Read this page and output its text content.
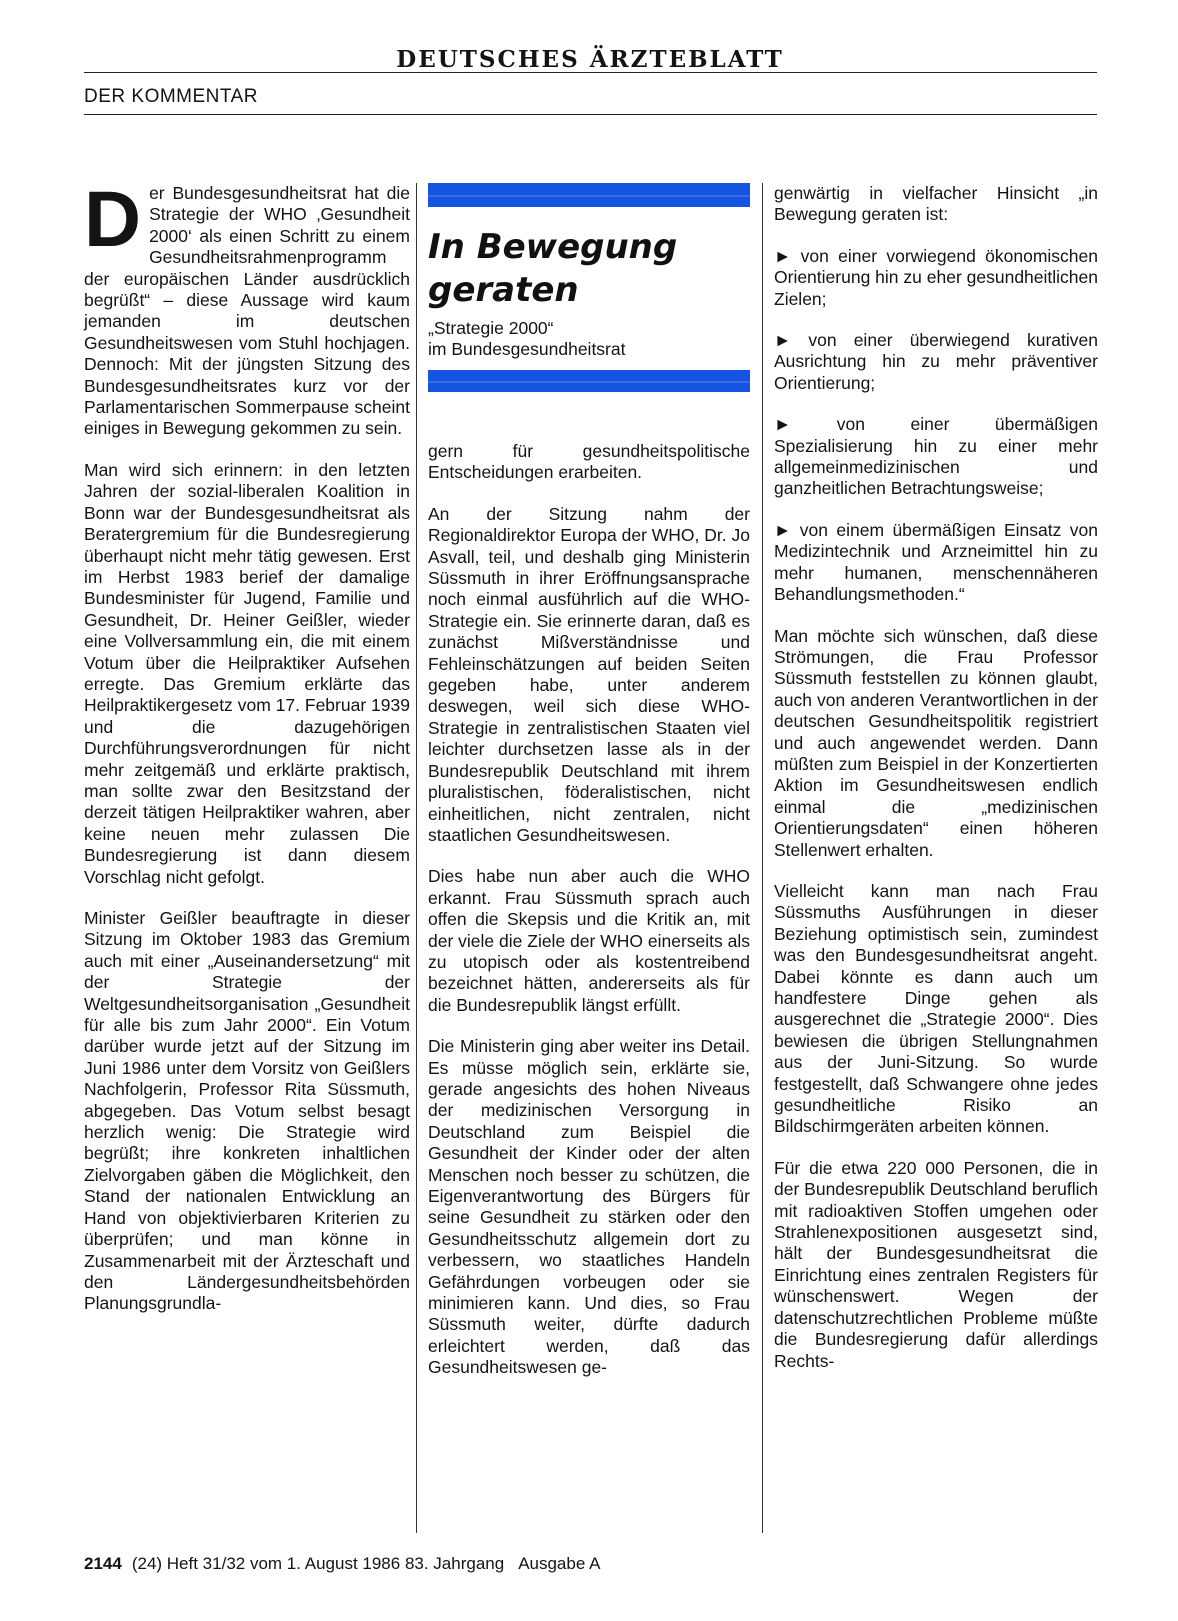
DEUTSCHES ÄRZTEBLATT
DER KOMMENTAR

Der Bundesgesundheitsrat hat die Strategie der WHO ‚Gesundheit 2000‘ als einen Schritt zu einem Gesundheitsrahmenprogramm der europäischen Länder ausdrücklich begrüßt“ – diese Aussage wird kaum jemanden im deutschen Gesundheitswesen vom Stuhl hochjagen. Dennoch: Mit der jüngsten Sitzung des Bundesgesundheitsrates kurz vor der Parlamentarischen Sommerpause scheint einiges in Bewegung gekommen zu sein.

Man wird sich erinnern: in den letzten Jahren der sozial-liberalen Koalition in Bonn war der Bundesgesundheitsrat als Beratergremium für die Bundesregierung überhaupt nicht mehr tätig gewesen. Erst im Herbst 1983 berief der damalige Bundesminister für Jugend, Familie und Gesundheit, Dr. Heiner Geißler, wieder eine Vollversammlung ein, die mit einem Votum über die Heilpraktiker Aufsehen erregte. Das Gremium erklärte das Heilpraktikergesetz vom 17. Februar 1939 und die dazugehörigen Durchführungsverordnungen für nicht mehr zeitgemäß und erklärte praktisch, man sollte zwar den Besitzstand der derzeit tätigen Heilpraktiker wahren, aber keine neuen mehr zulassen Die Bundesregierung ist dann diesem Vorschlag nicht gefolgt.

Minister Geißler beauftragte in dieser Sitzung im Oktober 1983 das Gremium auch mit einer „Auseinandersetzung“ mit der Strategie der Weltgesundheitsorganisation „Gesundheit für alle bis zum Jahr 2000“. Ein Votum darüber wurde jetzt auf der Sitzung im Juni 1986 unter dem Vorsitz von Geißlers Nachfolgerin, Professor Rita Süssmuth, abgegeben. Das Votum selbst besagt herzlich wenig: Die Strategie wird begrüßt; ihre konkreten inhaltlichen Zielvorgaben gäben die Möglichkeit, den Stand der nationalen Entwicklung an Hand von objektivierbaren Kriterien zu überprüfen; und man könne in Zusammenarbeit mit der Ärzteschaft und den Ländergesundheitsbehörden Planungsgrundla-

In Bewegung geraten
„Strategie 2000“
im Bundesgesundheitsrat

gern für gesundheitspolitische Entscheidungen erarbeiten.

An der Sitzung nahm der Regionaldirektor Europa der WHO, Dr. Jo Asvall, teil, und deshalb ging Ministerin Süssmuth in ihrer Eröffnungsansprache noch einmal ausführlich auf die WHO-Strategie ein. Sie erinnerte daran, daß es zunächst Mißverständnisse und Fehleinschätzungen auf beiden Seiten gegeben habe, unter anderem deswegen, weil sich diese WHO-Strategie in zentralistischen Staaten viel leichter durchsetzen lasse als in der Bundesrepublik Deutschland mit ihrem pluralistischen, föderalistischen, nicht einheitlichen, nicht zentralen, nicht staatlichen Gesundheitswesen.

Dies habe nun aber auch die WHO erkannt. Frau Süssmuth sprach auch offen die Skepsis und die Kritik an, mit der viele die Ziele der WHO einerseits als zu utopisch oder als kostentreibend bezeichnet hätten, andererseits als für die Bundesrepublik längst erfüllt.

Die Ministerin ging aber weiter ins Detail. Es müsse möglich sein, erklärte sie, gerade angesichts des hohen Niveaus der medizinischen Versorgung in Deutschland zum Beispiel die Gesundheit der Kinder oder der alten Menschen noch besser zu schützen, die Eigenverantwortung des Bürgers für seine Gesundheit zu stärken oder den Gesundheitsschutz allgemein dort zu verbessern, wo staatliches Handeln Gefährdungen vorbeugen oder sie minimieren kann. Und dies, so Frau Süssmuth weiter, dürfte dadurch erleichtert werden, daß das Gesundheitswesen ge-

genwärtig in vielfacher Hinsicht „in Bewegung geraten ist:

► von einer vorwiegend ökonomischen Orientierung hin zu eher gesundheitlichen Zielen;

► von einer überwiegend kurativen Ausrichtung hin zu mehr präventiver Orientierung;

► von einer übermäßigen Spezialisierung hin zu einer mehr allgemeinmedizinischen und ganzheitlichen Betrachtungsweise;

► von einem übermäßigen Einsatz von Medizintechnik und Arzneimittel hin zu mehr humanen, menschennäheren Behandlungsmethoden.“

Man möchte sich wünschen, daß diese Strömungen, die Frau Professor Süssmuth feststellen zu können glaubt, auch von anderen Verantwortlichen in der deutschen Gesundheitspolitik registriert und auch angewendet werden. Dann müßten zum Beispiel in der Konzertierten Aktion im Gesundheitswesen endlich einmal die „medizinischen Orientierungsdaten“ einen höheren Stellenwert erhalten.

Vielleicht kann man nach Frau Süssmuths Ausführungen in dieser Beziehung optimistisch sein, zumindest was den Bundesgesundheitsrat angeht. Dabei könnte es dann auch um handfestere Dinge gehen als ausgerechnet die „Strategie 2000“. Dies bewiesen die übrigen Stellungnahmen aus der Juni-Sitzung. So wurde festgestellt, daß Schwangere ohne jedes gesundheitliche Risiko an Bildschirmgeräten arbeiten können.

Für die etwa 220 000 Personen, die in der Bundesrepublik Deutschland beruflich mit radioaktiven Stoffen umgehen oder Strahlenexpositionen ausgesetzt sind, hält der Bundesgesundheitsrat die Einrichtung eines zentralen Registers für wünschenswert. Wegen der datenschutzrechtlichen Probleme müßte die Bundesregierung dafür allerdings Rechts-

2144 (24) Heft 31/32 vom 1. August 1986 83. Jahrgang Ausgabe A
